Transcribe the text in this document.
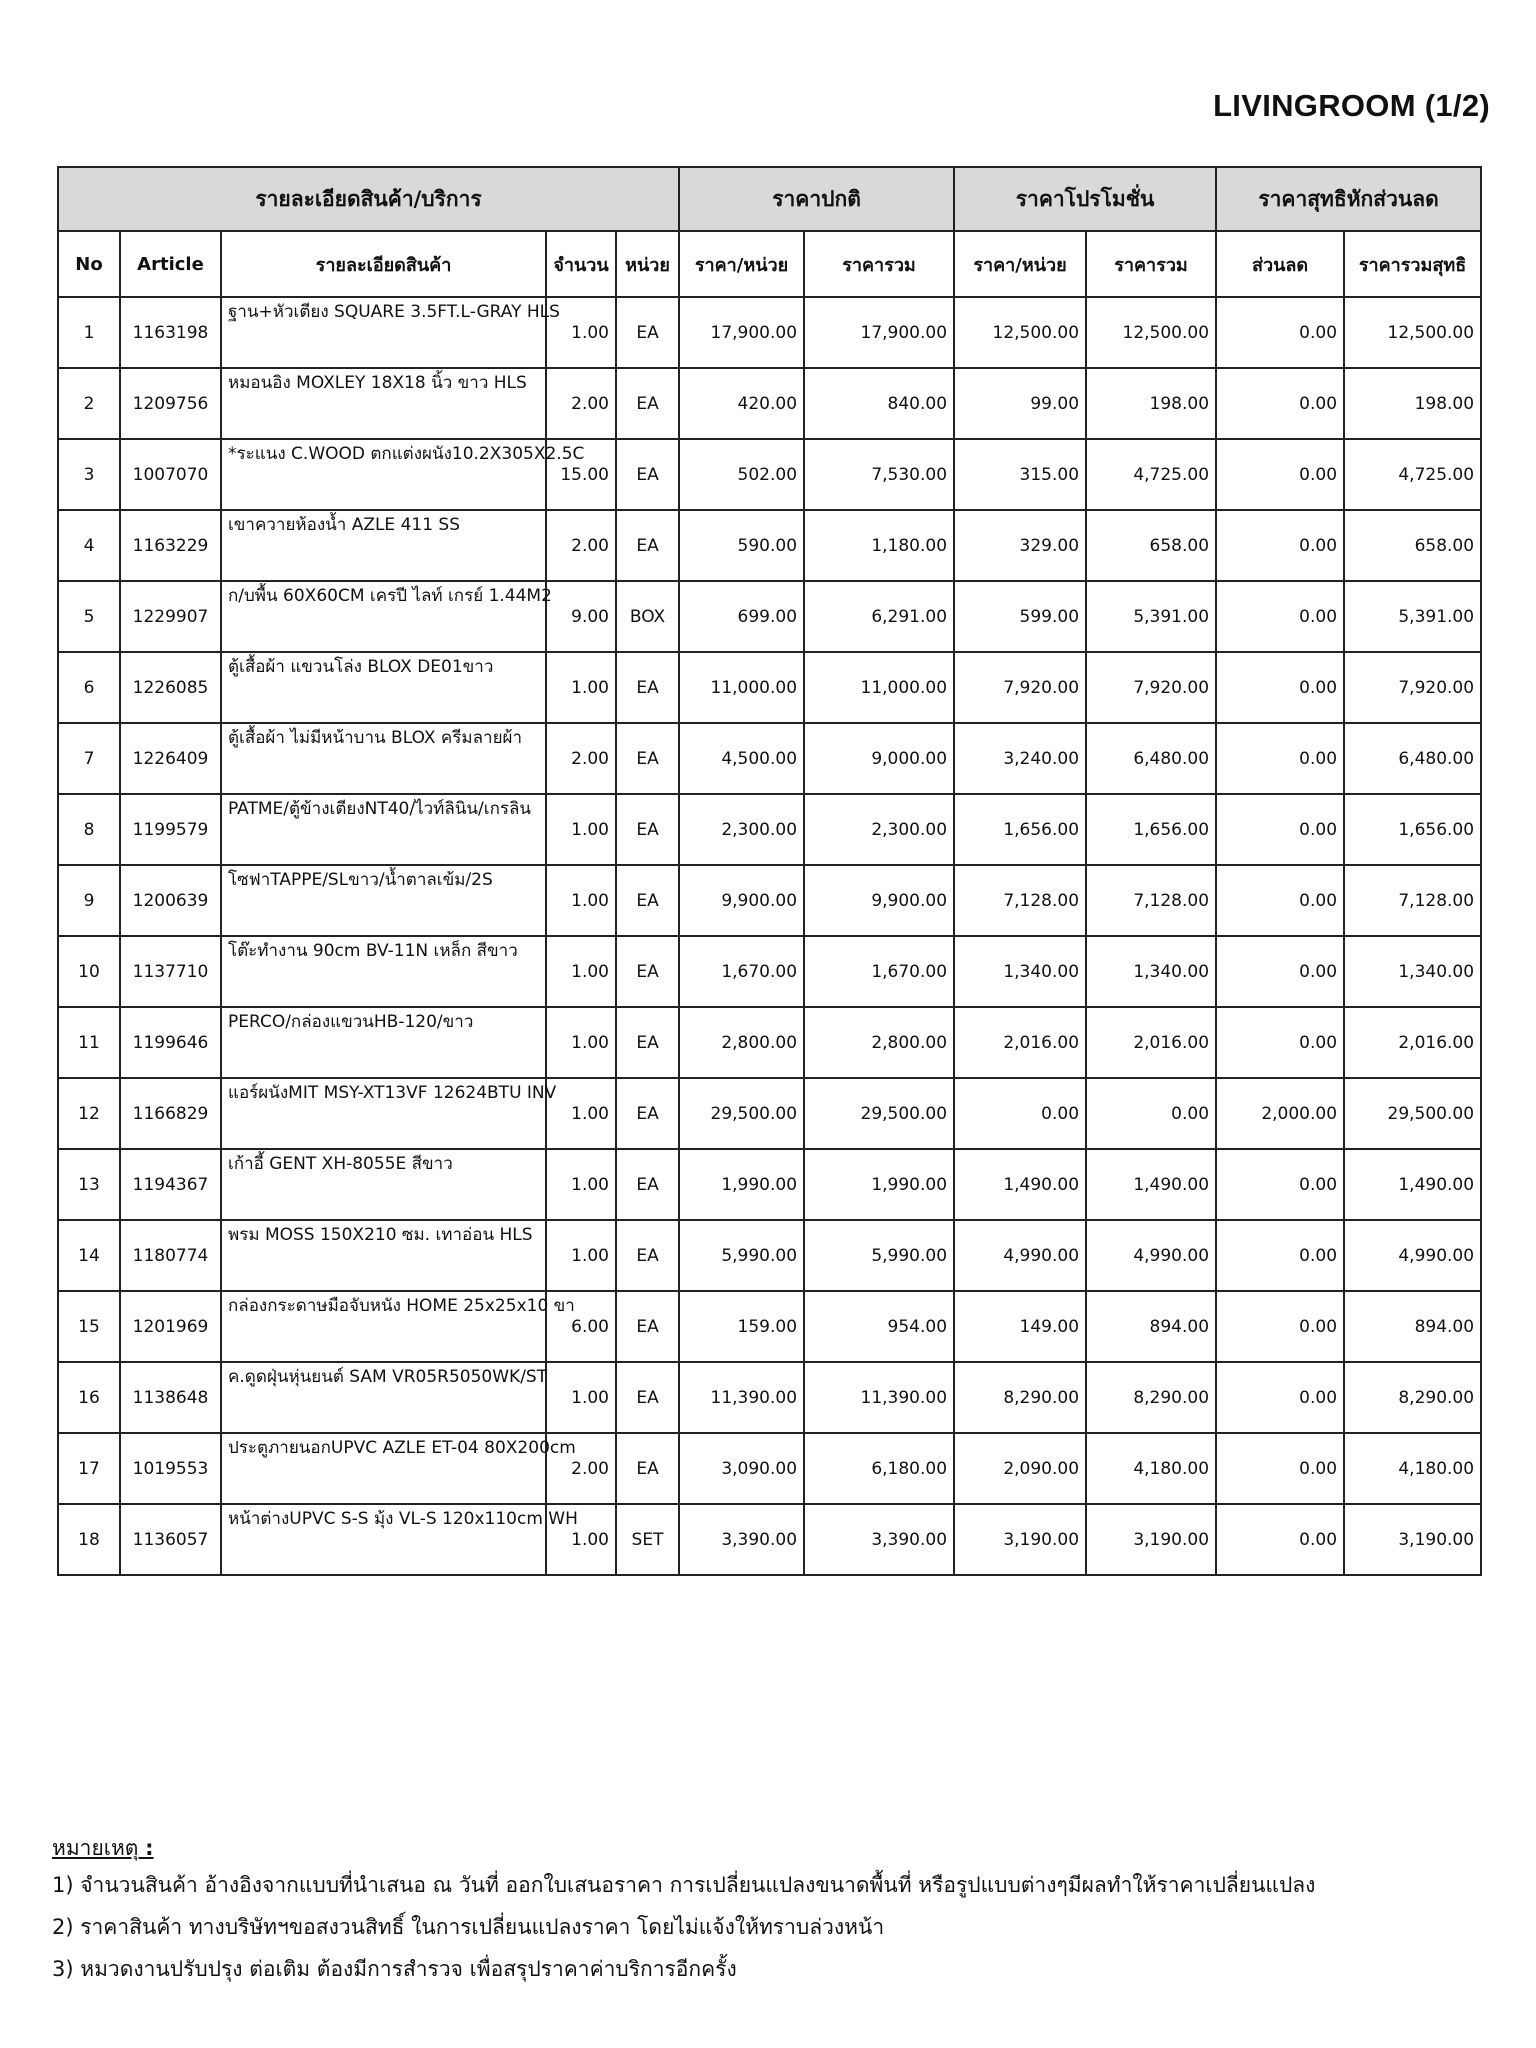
LIVINGROOM (1/2)
รายละเอียดสินค้า/บริการ					ราคาปกติ		ราคาโปรโมชั่น		ราคาสุทธิหักส่วนลด	
No	Article	รายละเอียดสินค้า	จำนวน	หน่วย	ราคา/หน่วย	ราคารวม	ราคา/หน่วย	ราคารวม	ส่วนลด	ราคารวมสุทธิ
1	1163198	ฐาน+หัวเตียง SQUARE 3.5FT.L-GRAY HLS	1.00	EA	17,900.00	17,900.00	12,500.00	12,500.00	0.00	12,500.00
2	1209756	หมอนอิง MOXLEY 18X18 นิ้ว ขาว HLS	2.00	EA	420.00	840.00	99.00	198.00	0.00	198.00
3	1007070	*ระแนง C.WOOD ตกแต่งผนัง10.2X305X2.5C	15.00	EA	502.00	7,530.00	315.00	4,725.00	0.00	4,725.00
4	1163229	เขาควายห้องน้ำ AZLE 411 SS	2.00	EA	590.00	1,180.00	329.00	658.00	0.00	658.00
5	1229907	ก/บพื้น 60X60CM เครปี ไลท์ เกรย์ 1.44M2	9.00	BOX	699.00	6,291.00	599.00	5,391.00	0.00	5,391.00
6	1226085	ตู้เสื้อผ้า แขวนโล่ง BLOX DE01ขาว	1.00	EA	11,000.00	11,000.00	7,920.00	7,920.00	0.00	7,920.00
7	1226409	ตู้เสื้อผ้า ไม่มีหน้าบาน BLOX ครีมลายผ้า	2.00	EA	4,500.00	9,000.00	3,240.00	6,480.00	0.00	6,480.00
8	1199579	PATME/ตู้ข้างเตียงNT40/ไวท์ลินิน/เกรลิน	1.00	EA	2,300.00	2,300.00	1,656.00	1,656.00	0.00	1,656.00
9	1200639	โซฟาTAPPE/SLขาว/น้ำตาลเข้ม/2S	1.00	EA	9,900.00	9,900.00	7,128.00	7,128.00	0.00	7,128.00
10	1137710	โต๊ะทำงาน 90cm BV-11N เหล็ก สีขาว	1.00	EA	1,670.00	1,670.00	1,340.00	1,340.00	0.00	1,340.00
11	1199646	PERCO/กล่องแขวนHB-120/ขาว	1.00	EA	2,800.00	2,800.00	2,016.00	2,016.00	0.00	2,016.00
12	1166829	แอร์ผนังMIT MSY-XT13VF 12624BTU INV	1.00	EA	29,500.00	29,500.00	0.00	0.00	2,000.00	29,500.00
13	1194367	เก้าอี้ GENT XH-8055E สีขาว	1.00	EA	1,990.00	1,990.00	1,490.00	1,490.00	0.00	1,490.00
14	1180774	พรม MOSS 150X210 ซม. เทาอ่อน HLS	1.00	EA	5,990.00	5,990.00	4,990.00	4,990.00	0.00	4,990.00
15	1201969	กล่องกระดาษมือจับหนัง HOME 25x25x10 ขา	6.00	EA	159.00	954.00	149.00	894.00	0.00	894.00
16	1138648	ค.ดูดฝุ่นหุ่นยนต์ SAM VR05R5050WK/ST	1.00	EA	11,390.00	11,390.00	8,290.00	8,290.00	0.00	8,290.00
17	1019553	ประตูภายนอกUPVC AZLE ET-04 80X200cm	2.00	EA	3,090.00	6,180.00	2,090.00	4,180.00	0.00	4,180.00
18	1136057	หน้าต่างUPVC S-S มุ้ง VL-S 120x110cm WH	1.00	SET	3,390.00	3,390.00	3,190.00	3,190.00	0.00	3,190.00
หมายเหตุ :
1) จำนวนสินค้า อ้างอิงจากแบบที่นำเสนอ ณ วันที่ ออกใบเสนอราคา การเปลี่ยนแปลงขนาดพื้นที่ หรือรูปแบบต่างๆมีผลทำให้ราคาเปลี่ยนแปลง
2) ราคาสินค้า ทางบริษัทฯขอสงวนสิทธิ์ ในการเปลี่ยนแปลงราคา โดยไม่แจ้งให้ทราบล่วงหน้า
3) หมวดงานปรับปรุง ต่อเติม ต้องมีการสำรวจ เพื่อสรุปราคาค่าบริการอีกครั้ง
